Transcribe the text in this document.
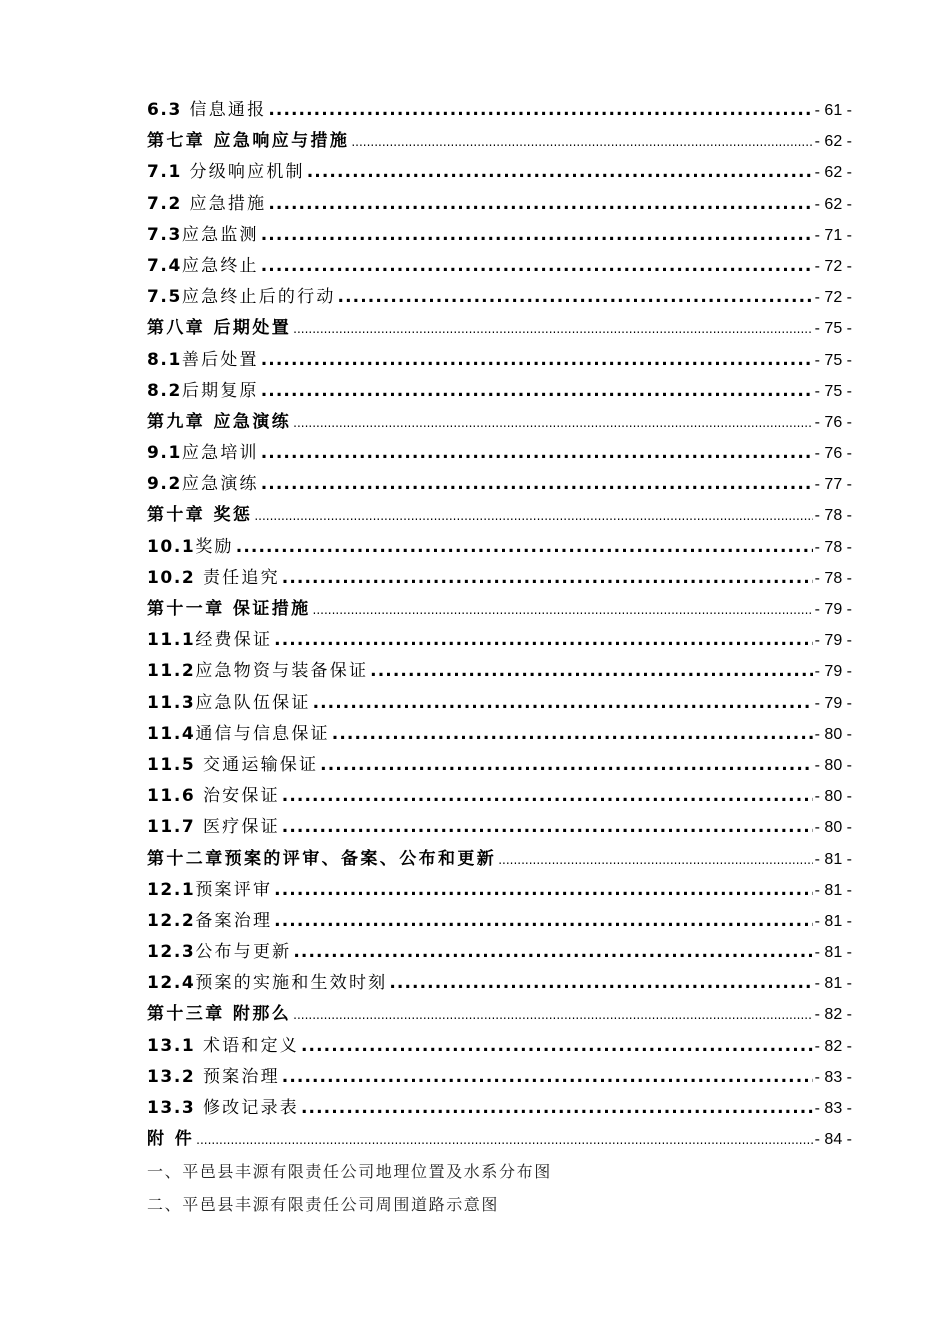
6.3 信息通报 .....	- 61 -
第七章 应急响应与措施 .....	- 62 -
7.1 分级响应机制 .....	- 62 -
7.2 应急措施 .....	- 62 -
7.3应急监测 .....	- 71 -
7.4应急终止 .....	- 72 -
7.5应急终止后的行动 .....	- 72 -
第八章 后期处置 .....	- 75 -
8.1善后处置 .....	- 75 -
8.2后期复原 .....	- 75 -
第九章 应急演练 .....	- 76 -
9.1应急培训 .....	- 76 -
9.2应急演练 .....	- 77 -
第十章 奖惩 .....	- 78 -
10.1奖励 .....	- 78 -
10.2 责任追究 .....	- 78 -
第十一章 保证措施 .....	- 79 -
11.1经费保证 .....	- 79 -
11.2应急物资与装备保证 .....	- 79 -
11.3应急队伍保证 .....	- 79 -
11.4通信与信息保证 .....	- 80 -
11.5 交通运输保证 .....	- 80 -
11.6 治安保证 .....	- 80 -
11.7 医疗保证 .....	- 80 -
第十二章预案的评审、备案、公布和更新 .....	- 81 -
12.1预案评审 .....	- 81 -
12.2备案治理 .....	- 81 -
12.3公布与更新 .....	- 81 -
12.4预案的实施和生效时刻 .....	- 81 -
第十三章 附那么 .....	- 82 -
13.1 术语和定义 .....	- 82 -
13.2 预案治理 .....	- 83 -
13.3 修改记录表 .....	- 83 -
附 件 .....	- 84 -
一、平邑县丰源有限责任公司地理位置及水系分布图
二、平邑县丰源有限责任公司周围道路示意图
